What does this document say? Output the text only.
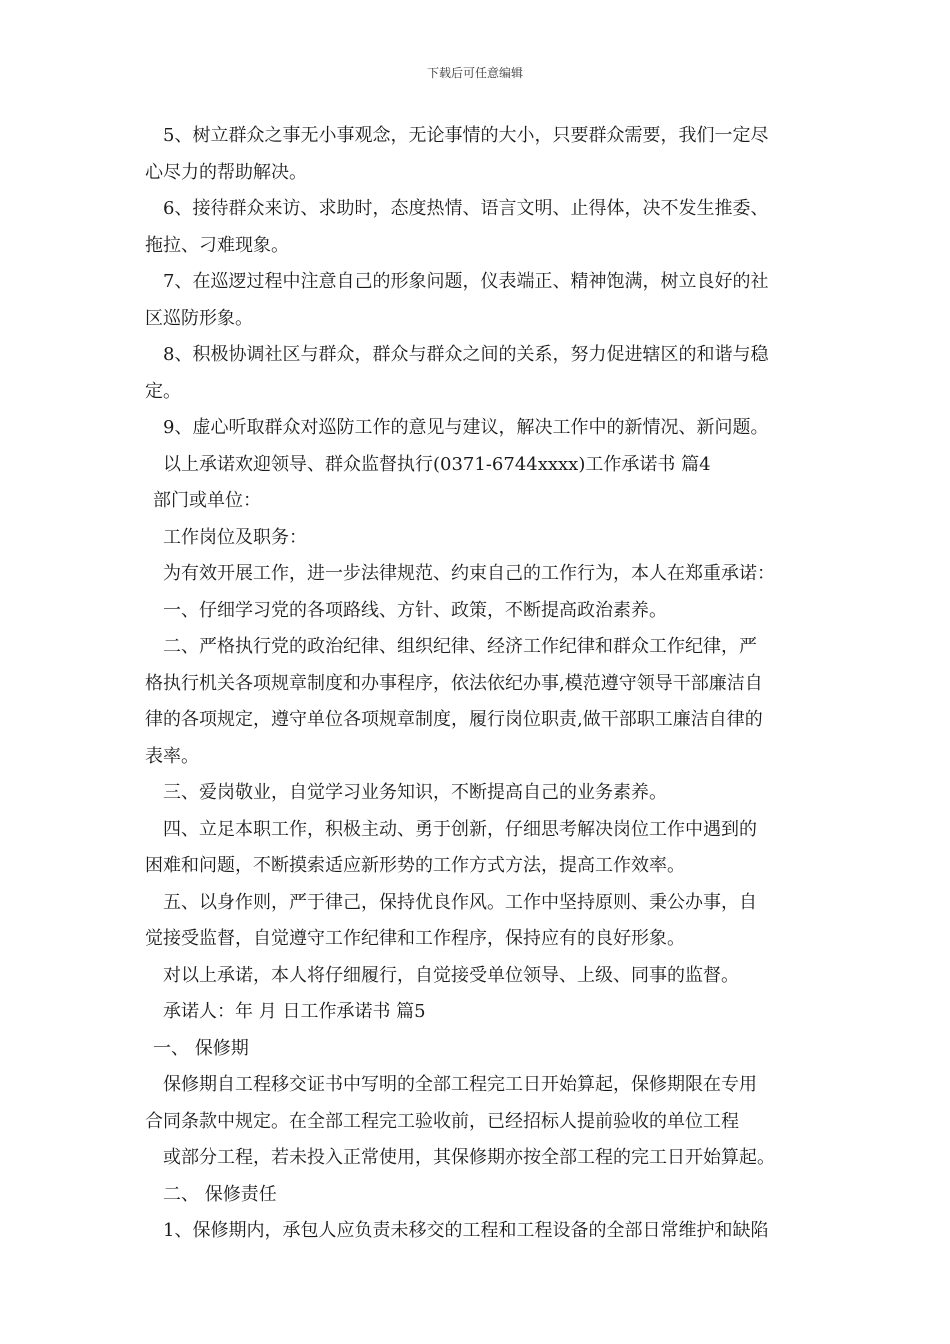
下载后可任意编辑
5、树立群众之事无小事观念，无论事情的大小，只要群众需要，我们一定尽
心尽力的帮助解决。
6、接待群众来访、求助时，态度热情、语言文明、止得体，决不发生推委、
拖拉、刁难现象。
7、在巡逻过程中注意自己的形象问题，仪表端正、精神饱满，树立良好的社
区巡防形象。
8、积极协调社区与群众，群众与群众之间的关系，努力促进辖区的和谐与稳
定。
9、虚心听取群众对巡防工作的意见与建议，解决工作中的新情况、新问题。
以上承诺欢迎领导、群众监督执行(0371-6744xxxx)工作承诺书 篇4
部门或单位：
工作岗位及职务：
为有效开展工作，进一步法律规范、约束自己的工作行为，本人在郑重承诺：
一、仔细学习党的各项路线、方针、政策，不断提高政治素养。
二、严格执行党的政治纪律、组织纪律、经济工作纪律和群众工作纪律，严
格执行机关各项规章制度和办事程序，依法依纪办事,模范遵守领导干部廉洁自
律的各项规定，遵守单位各项规章制度，履行岗位职责,做干部职工廉洁自律的
表率。
三、爱岗敬业，自觉学习业务知识，不断提高自己的业务素养。
四、立足本职工作，积极主动、勇于创新，仔细思考解决岗位工作中遇到的
困难和问题，不断摸索适应新形势的工作方式方法，提高工作效率。
五、以身作则，严于律己，保持优良作风。工作中坚持原则、秉公办事，自
觉接受监督，自觉遵守工作纪律和工作程序，保持应有的良好形象。
对以上承诺，本人将仔细履行，自觉接受单位领导、上级、同事的监督。
承诺人：年 月 日工作承诺书 篇5
一、 保修期
保修期自工程移交证书中写明的全部工程完工日开始算起，保修期限在专用
合同条款中规定。在全部工程完工验收前，已经招标人提前验收的单位工程
或部分工程，若未投入正常使用，其保修期亦按全部工程的完工日开始算起。
二、 保修责任
1、保修期内，承包人应负责未移交的工程和工程设备的全部日常维护和缺陷
